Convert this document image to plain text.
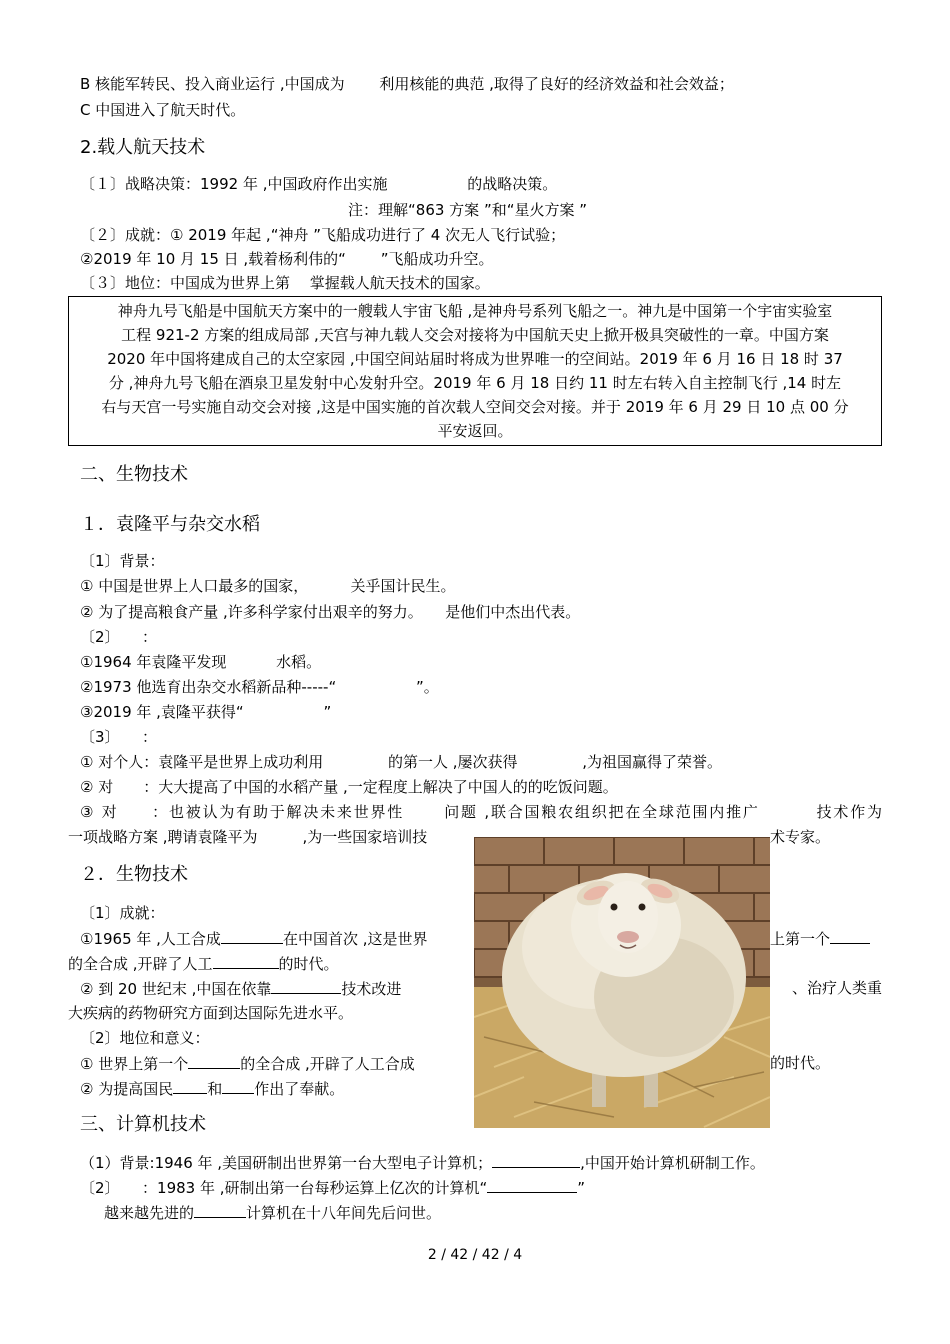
B 核能军转民、投入商业运行 ,中国成为　　 利用核能的典范 ,取得了良好的经济效益和社会效益；
C 中国进入了航天时代。
2.载人航天技术
〔１〕战略决策：1992 年 ,中国政府作出实施　　　　　 的战略决策。
注：理解“863 方案 ”和“星火方案 ”
〔２〕成就：① 2019 年起 ,“神舟 ”飞船成功进行了 4 次无人飞行试验；
②2019 年 10 月 15 日 ,载着杨利伟的“　　 ”飞船成功升空。
〔３〕地位：中国成为世界上第　 掌握载人航天技术的国家。
神舟九号飞船是中国航天方案中的一艘载人宇宙飞船 ,是神舟号系列飞船之一。神九是中国第一个宇宙实验室
工程 921-2 方案的组成局部 ,天宫与神九载人交会对接将为中国航天史上掀开极具突破性的一章。中国方案
2020 年中国将建成自己的太空家园 ,中国空间站届时将成为世界唯一的空间站。2019 年 6 月 16 日 18 时 37
分 ,神舟九号飞船在酒泉卫星发射中心发射升空。2019 年 6 月 18 日约 11 时左右转入自主控制飞行 ,14 时左
右与天宫一号实施自动交会对接 ,这是中国实施的首次载人空间交会对接。并于 2019 年 6 月 29 日 10 点 00 分
平安返回。
二、生物技术
１．袁隆平与杂交水稻
〔1〕背景：
① 中国是世界上人口最多的国家，　　　 关乎国计民生。
② 为了提高粮食产量 ,许多科学家付出艰辛的努力。　　是他们中杰出代表。
〔2〕　　：
①1964 年袁隆平发现　　　 水稻。
②1973 他选育出杂交水稻新品种-----“　　　　　 ”。
③2019 年 ,袁隆平获得“　　　　　 ”
〔3〕　　：
① 对个人：袁隆平是世界上成功利用　　　　 的第一人 ,屡次获得　　　　 ,为祖国赢得了荣誉。
② 对　　：大大提高了中国的水稻产量 ,一定程度上解决了中国人的的吃饭问题。
③ 对　　：也被认为有助于解决未来世界性　　 问题 ,联合国粮农组织把在全球范围内推广　　　 技术作为
一项战略方案 ,聘请袁隆平为　　　,为一些国家培训技	术专家。
２．生物技术
〔1〕成就：
①1965 年 ,人工合成	在中国首次 ,这是世界	上第一个
的全合成 ,开辟了人工	的时代。
② 到 20 世纪末 ,中国在依靠	技术改进	、治疗人类重
大疾病的药物研究方面到达国际先进水平。
〔2〕地位和意义：
① 世界上第一个	的全合成 ,开辟了人工合成	的时代。
② 为提高国民 和 作出了奉献。
三、计算机技术
（1）背景:1946 年 ,美国研制出世界第一台大型电子计算机；	,中国开始计算机研制工作。
〔2〕　　：1983 年 ,研制出第一台每秒运算上亿次的计算机“	”
越来越先进的	计算机在十八年间先后问世。
2 / 42 / 42 / 4
